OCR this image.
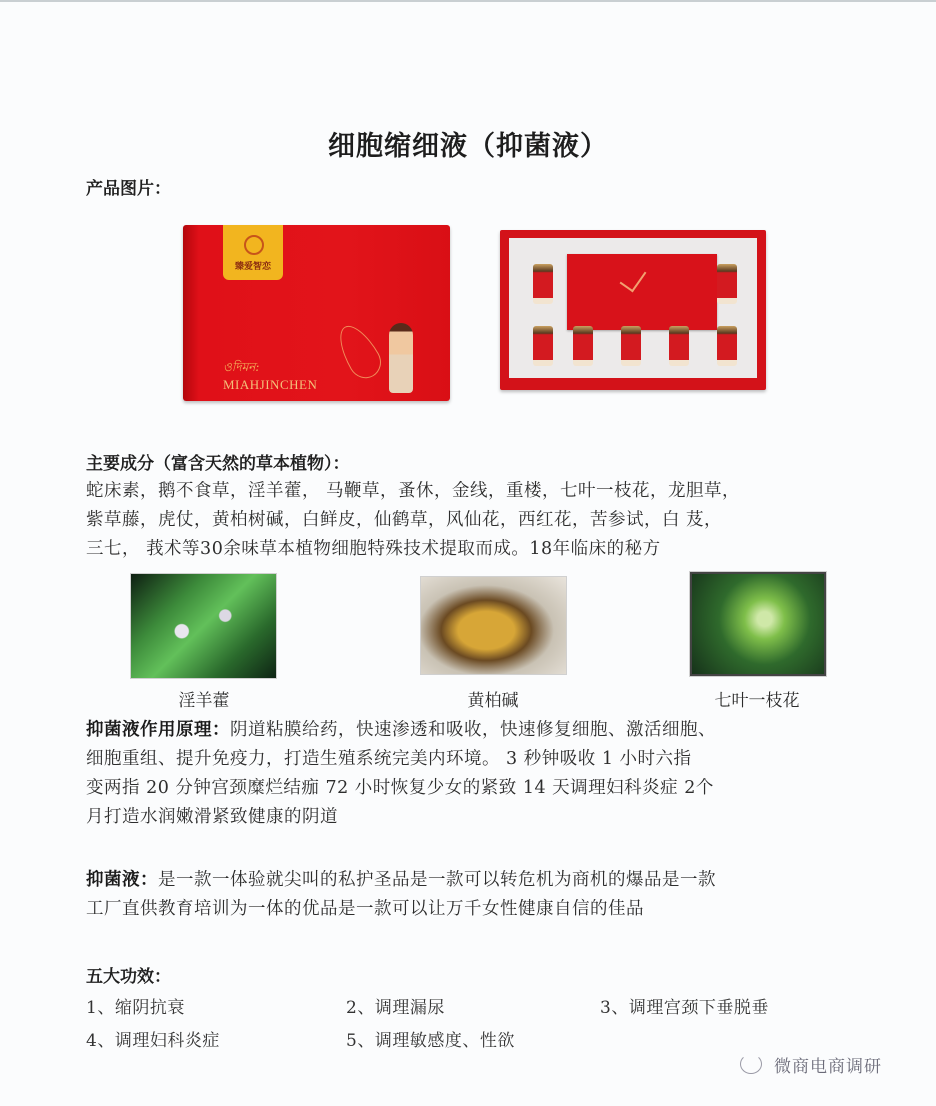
细胞缩细液（抑菌液）
产品图片：
臻爱智恋
ওদিমন:
MIAHJINCHEN
主要成分（富含天然的草本植物）：
蛇床素，鹅不食草，淫羊藿， 马鞭草，蚤休，金线，重楼，七叶一枝花，龙胆草，
紫草藤，虎仗，黄柏树碱，白鲜皮，仙鹤草，风仙花，西红花，苦参试，白 芨，
三七， 莪术等30余味草本植物细胞特殊技术提取而成。18年临床的秘方
淫羊藿	黄柏碱	七叶一枝花
抑菌液作用原理：阴道粘膜给药，快速渗透和吸收，快速修复细胞、激活细胞、
细胞重组、提升免疫力，打造生殖系统完美内环境。 3 秒钟吸收 1 小时六指
变两指 20 分钟宫颈糜烂结痂 72 小时恢复少女的紧致 14 天调理妇科炎症 2个
月打造水润嫩滑紧致健康的阴道
抑菌液：是一款一体验就尖叫的私护圣品是一款可以转危机为商机的爆品是一款
工厂直供教育培训为一体的优品是一款可以让万千女性健康自信的佳品
五大功效：
1、缩阴抗衰	2、调理漏尿	3、调理宫颈下垂脱垂
4、调理妇科炎症	5、调理敏感度、性欲
微商电商调研
